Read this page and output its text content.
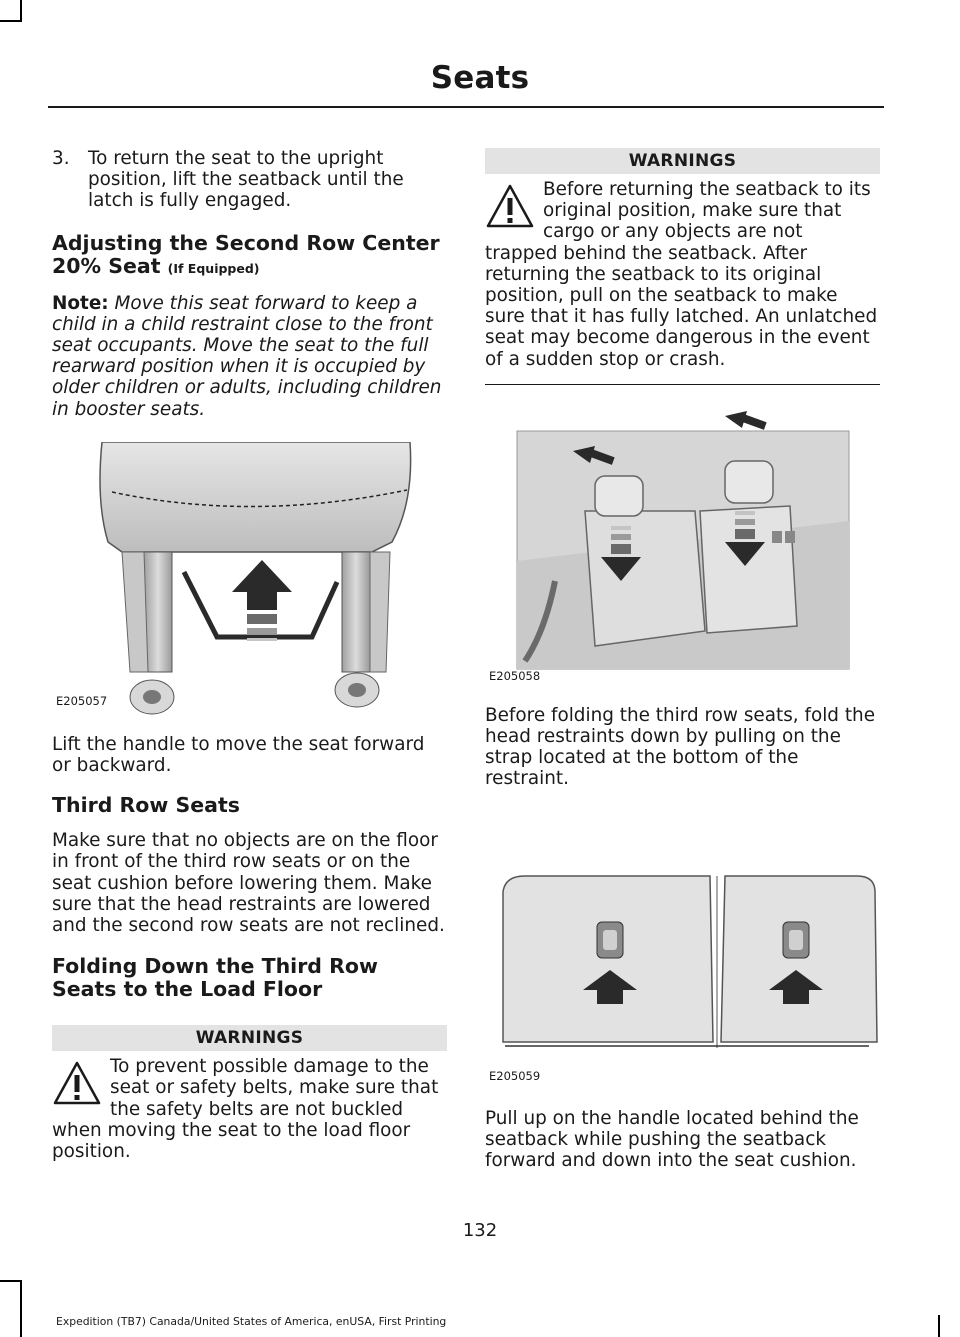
Seats
3. To return the seat to the upright position, lift the seatback until the latch is fully engaged.

Adjusting the Second Row Center 20% Seat (If Equipped)

Note: Move this seat forward to keep a child in a child restraint close to the front seat occupants. Move the seat to the full rearward position when it is occupied by older children or adults, including children in booster seats.

E205057

Lift the handle to move the seat forward or backward.

Third Row Seats

Make sure that no objects are on the floor in front of the third row seats or on the seat cushion before lowering them. Make sure that the head restraints are lowered and the second row seats are not reclined.

Folding Down the Third Row Seats to the Load Floor
WARNINGS

To prevent possible damage to the seat or safety belts, make sure that the safety belts are not buckled when moving the seat to the load floor position.

WARNINGS

Before returning the seatback to its original position, make sure that cargo or any objects are not trapped behind the seatback. After returning the seatback to its original position, pull on the seatback to make sure that it has fully latched. An unlatched seat may become dangerous in the event of a sudden stop or crash.

E205058

Before folding the third row seats, fold the head restraints down by pulling on the strap located at the bottom of the restraint.

E205059

Pull up on the handle located behind the seatback while pushing the seatback forward and down into the seat cushion.

132
Expedition (TB7) Canada/United States of America, enUSA, First Printing
